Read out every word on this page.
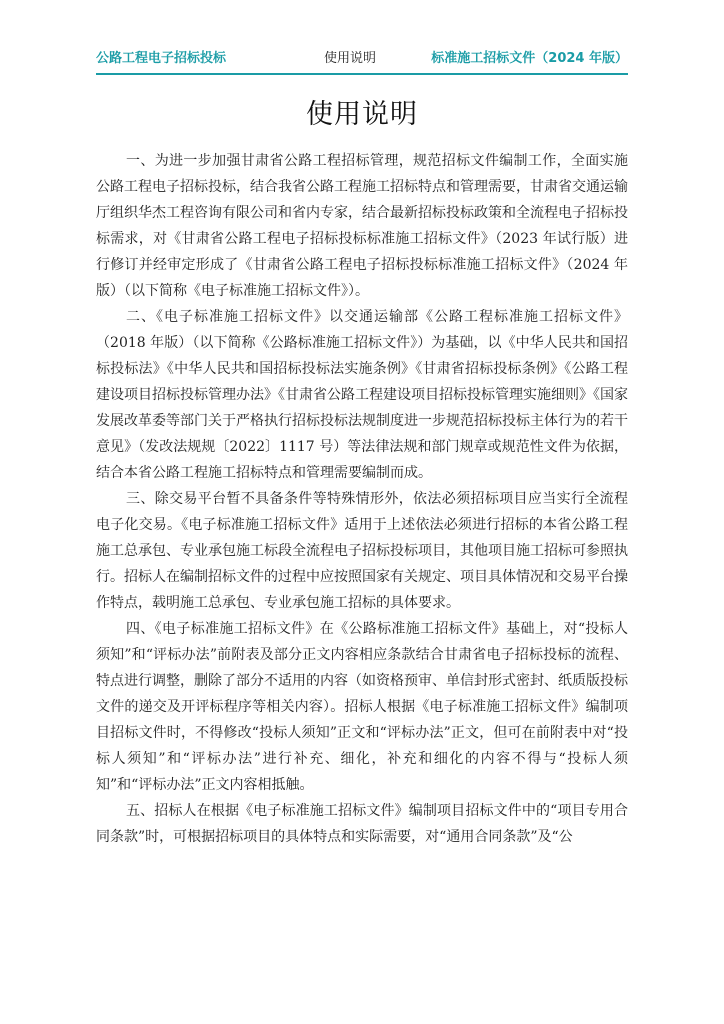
公路工程电子招标投标	使用说明	标准施工招标文件（2024 年版）
使用说明

一、为进一步加强甘肃省公路工程招标管理，规范招标文件编制工作，全面实施公路工程电子招标投标，结合我省公路工程施工招标特点和管理需要，甘肃省交通运输厅组织华杰工程咨询有限公司和省内专家，结合最新招标投标政策和全流程电子招标投标需求，对《甘肃省公路工程电子招标投标标准施工招标文件》（2023 年试行版）进行修订并经审定形成了《甘肃省公路工程电子招标投标标准施工招标文件》（2024 年版）（以下简称《电子标准施工招标文件》）。

二、《电子标准施工招标文件》以交通运输部《公路工程标准施工招标文件》（2018 年版）（以下简称《公路标准施工招标文件》）为基础，以《中华人民共和国招标投标法》《中华人民共和国招标投标法实施条例》《甘肃省招标投标条例》《公路工程建设项目招标投标管理办法》《甘肃省公路工程建设项目招标投标管理实施细则》《国家发展改革委等部门关于严格执行招标投标法规制度进一步规范招标投标主体行为的若干意见》（发改法规规〔2022〕1117 号）等法律法规和部门规章或规范性文件为依据，结合本省公路工程施工招标特点和管理需要编制而成。

三、除交易平台暂不具备条件等特殊情形外，依法必须招标项目应当实行全流程电子化交易。《电子标准施工招标文件》适用于上述依法必须进行招标的本省公路工程施工总承包、专业承包施工标段全流程电子招标投标项目，其他项目施工招标可参照执行。招标人在编制招标文件的过程中应按照国家有关规定、项目具体情况和交易平台操作特点，载明施工总承包、专业承包施工招标的具体要求。

四、《电子标准施工招标文件》在《公路标准施工招标文件》基础上，对“投标人须知”和“评标办法”前附表及部分正文内容相应条款结合甘肃省电子招标投标的流程、特点进行调整，删除了部分不适用的内容（如资格预审、单信封形式密封、纸质版投标文件的递交及开评标程序等相关内容）。招标人根据《电子标准施工招标文件》编制项目招标文件时，不得修改“投标人须知”正文和“评标办法”正文，但可在前附表中对“投标人须知”和“评标办法”进行补充、细化，补充和细化的内容不得与“投标人须知”和“评标办法”正文内容相抵触。

五、招标人在根据《电子标准施工招标文件》编制项目招标文件中的“项目专用合同条款”时，可根据招标项目的具体特点和实际需要，对“通用合同条款”及“公
